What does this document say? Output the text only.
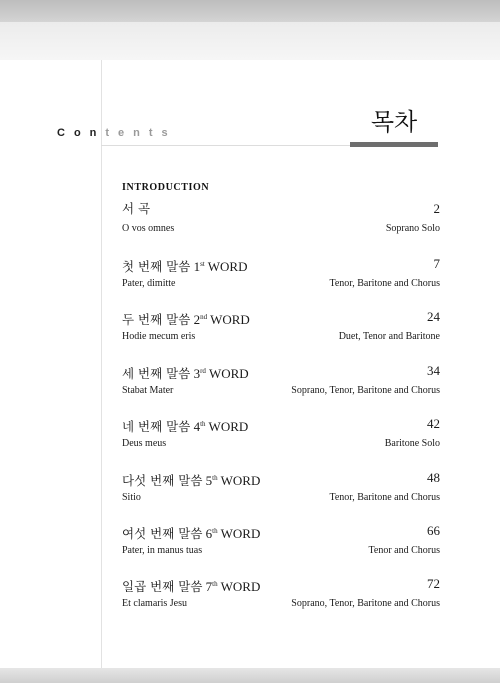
Contents	목차
INTRODUCTION
서 곡	2
O vos omnes	Soprano Solo
첫 번째 말씀 1st WORD	7
Pater, dimitte	Tenor, Baritone and Chorus
두 번째 말씀 2nd WORD	24
Hodie mecum eris	Duet, Tenor and Baritone
세 번째 말씀 3rd WORD	34
Stabat Mater	Soprano, Tenor, Baritone and Chorus
네 번째 말씀 4th WORD	42
Deus meus	Baritone Solo
다섯 번째 말씀 5th WORD	48
Sitio	Tenor, Baritone and Chorus
여섯 번째 말씀 6th WORD	66
Pater, in manus tuas	Tenor and Chorus
일곱 번째 말씀 7th WORD	72
Et clamaris Jesu	Soprano, Tenor, Baritone and Chorus
